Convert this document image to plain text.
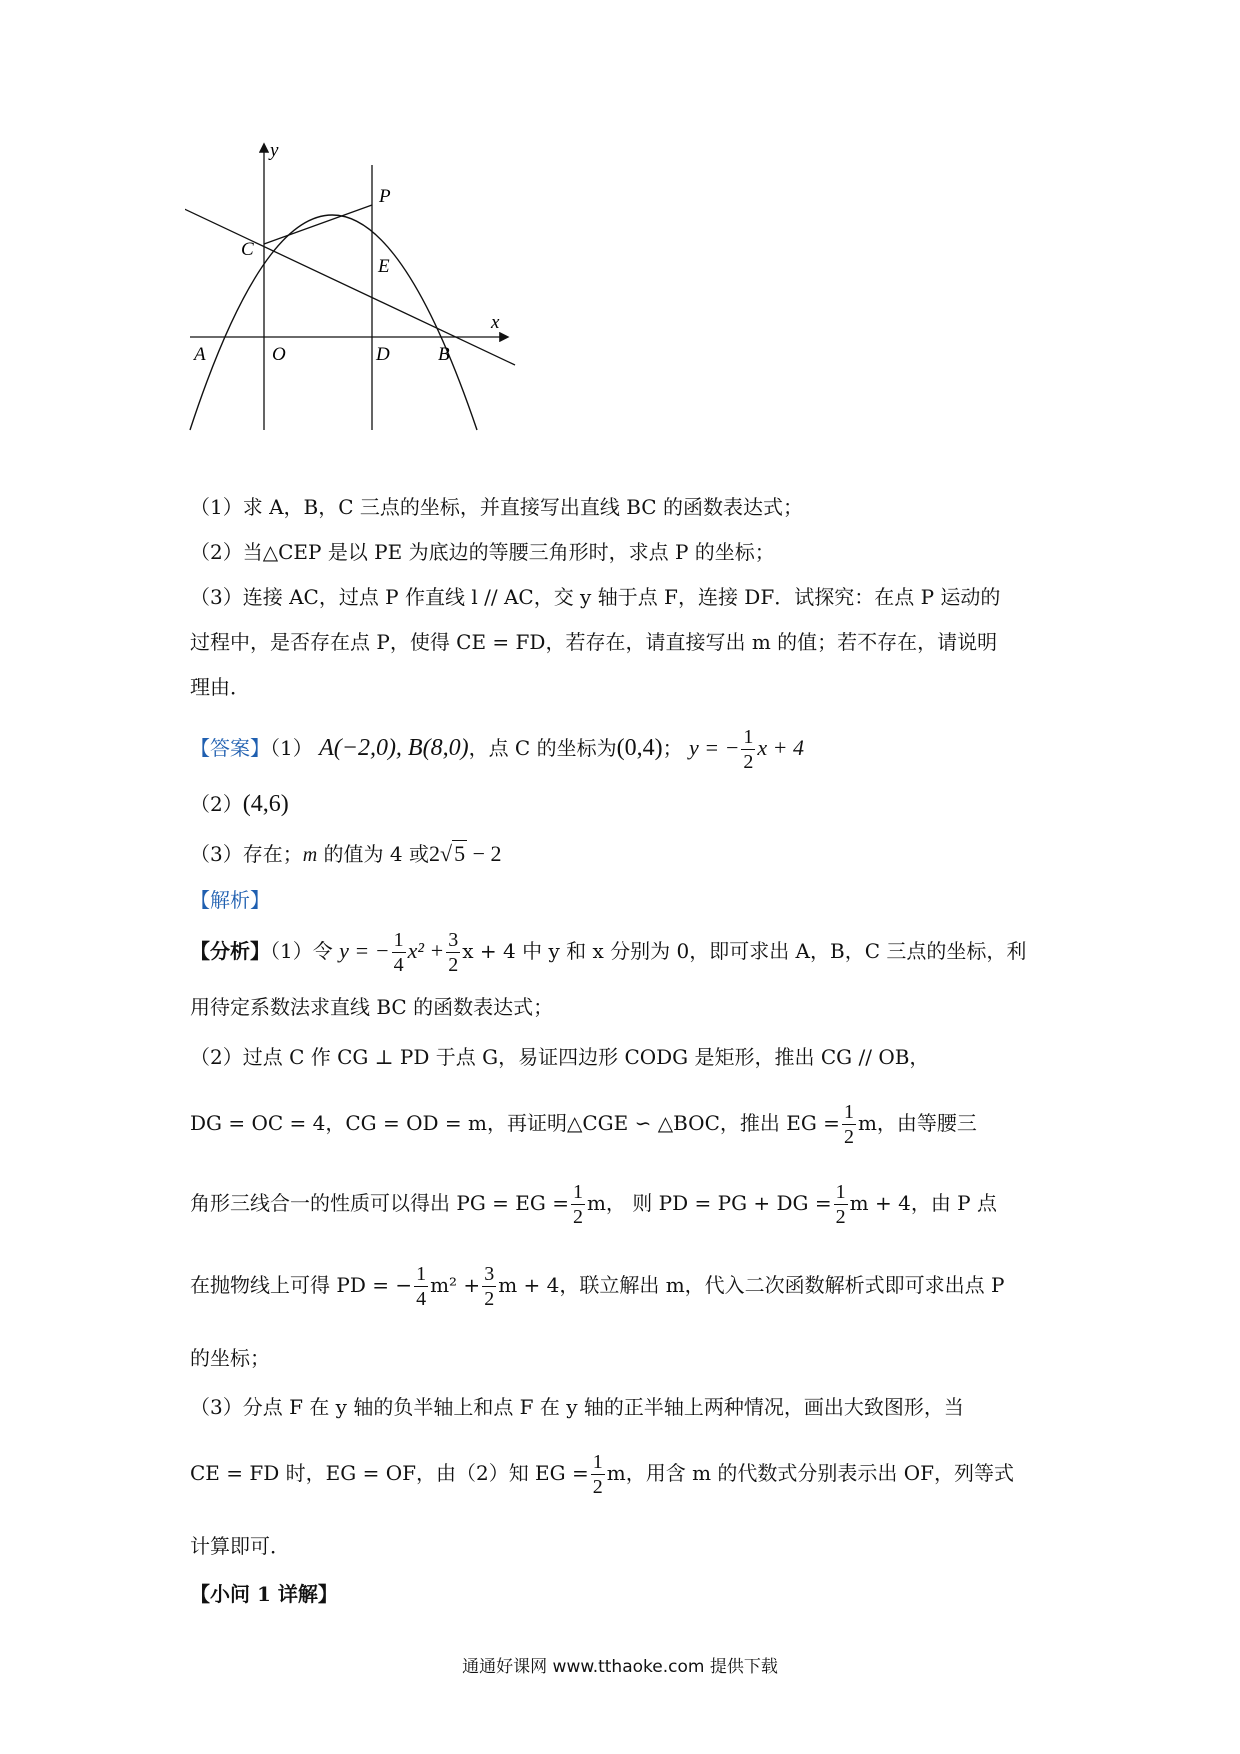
y
x
P
C
E
A	O	D	B
（1）求 A，B，C 三点的坐标，并直接写出直线 BC 的函数表达式；
（2）当△CEP 是以 PE 为底边的等腰三角形时，求点 P 的坐标；
（3）连接 AC，过点 P 作直线 l // AC，交 y 轴于点 F，连接 DF．试探究：在点 P 运动的
过程中，是否存在点 P，使得 CE = FD，若存在，请直接写出 m 的值；若不存在，请说明
理由．
【答案】（1） A(−2,0), B(8,0)，点 C 的坐标为(0,4)； y = − $\frac{1}{2}$ x + 4
（2）(4,6)
（3）存在；m 的值为 4 或2√5 − 2
【解析】
【分析】（1）令 y = − $\frac{1}{4} x^2 + \frac{3}{2}$ x + 4 中 y 和 x 分别为 0，即可求出 A，B，C 三点的坐标，利
用待定系数法求直线 BC 的函数表达式；
（2）过点 C 作 CG ⊥ PD 于点 G，易证四边形 CODG 是矩形，推出 CG // OB，
DG = OC = 4，CG = OD = m，再证明△CGE ∽ △BOC，推出 EG = $\frac{1}{2}$ m，由等腰三
角形三线合一的性质可以得出 PG = EG = $\frac{1}{2}$ m， 则 PD = PG + DG = $\frac{1}{2}$ m + 4，由 P 点
在抛物线上可得 PD = − $\frac{1}{4} m^2 + \frac{3}{2}$ m + 4，联立解出 m，代入二次函数解析式即可求出点 P
的坐标；
（3）分点 F 在 y 轴的负半轴上和点 F 在 y 轴的正半轴上两种情况，画出大致图形，当
CE = FD 时，EG = OF，由（2）知 EG = $\frac{1}{2}$ m，用含 m 的代数式分别表示出 OF，列等式
计算即可．
【小问 1 详解】
通通好课网 www.tthaoke.com 提供下载
